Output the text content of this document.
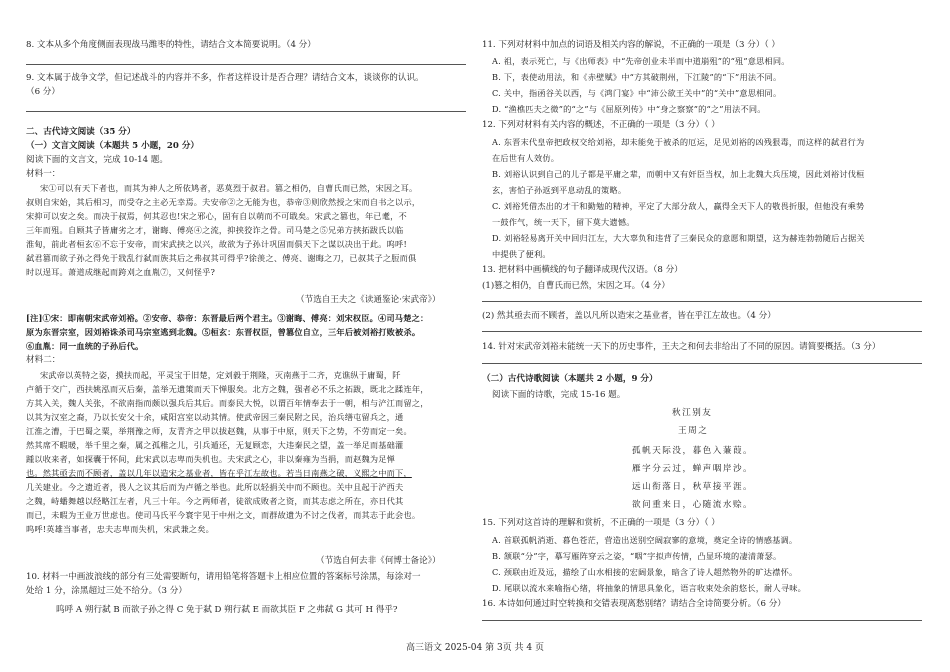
8. 文本从多个角度侧面表现战马潍枣的特性，请结合文本简要说明。（4 分）
9. 文本属于战争文学，但记述战斗的内容并不多，作者这样设计是否合理？请结合文本，谈谈你的认识。
（6 分）
二、古代诗文阅读（35 分）
（一）文言文阅读（本题共 5 小题，20 分）
阅读下面的文言文，完成 10-14 题。
材料一：
宋①可以有天下者也，而其为神人之所依鸠者，恶莫烈于叔君。篡之相仍，自曹氏而已然，宋因之耳。
叔则自宋始，其后相习，而受夺之主必无幸焉。夫安帝②之无能为也，恭帝③则欣然授之宋而自书之以示，
宋抑可以安之矣。而决于叔焉，何其忍也!宋之邪心，固有自以萌而不可戢矣。宋武之篡也，年已耄，不
三年而殂。自顾其子皆庸劣之才，谢晦、傅亮④之流，抑挟狡诈之骨。司马楚之⑤兄弟方挟拓跋氏以临
淮甸，前此者桓玄⑥不忘于安帝，而宋武挟之以兴，故欲为子孙计巩固而俱天下之谋以决出于此。呜呼!
弑君篡而欲子孙之得免于戕乱行弑而族其后之弗叔其可得乎?徐羡之、傅亮、谢晦之刀，已叔其子之脰而俱
时以逞耳。萧道成继起而跨刈之血胤⑦，又何怪乎?
（节选自王夫之《读通鉴论·宋武帝》）
[注]①宋：即南朝宋武帝刘裕。②安帝、恭帝：东晋最后两个君主。③谢晦、傅亮：刘宋权臣。④司马楚之：
原为东晋宗室，因刘裕诛杀司马宗室逃到北魏。⑤桓玄：东晋权臣，曾篡位自立，三年后被刘裕打败被杀。
⑥血胤：同一血统的子孙后代。
材料二：
宋武帝以英特之姿，摸扶而起，平灵宝于旧楚，定刘毅于荆隆，灭南燕于二齐，克谯纵于庸蜀，阡
卢循于交广，西扶姚泓而灭后秦，盖举无遗策而天下惮服矣。北方之魏，强者必不乐之拓跋，既北之蹂连年，
方其入关，魏人关张，不欲南指而颇以强兵后其后。而泰民大悦，以谓百年情奉去于一朝，相与浐江而留之，
以其为汉室之裔，乃以长安父十余，咸阳宫室以动其情。使武帝因三秦民附之民，治兵缮屯留兵之，通
江淮之漕，于巴蜀之粟，举荆豫之师，友青齐之甲以拔赵魏，从事于中原，则天下之势，不劳而定一矣。
然其席不暇暖，举千里之秦，属之孤稚之儿，引兵遁还，无复顾恋，大违秦民之望，盖一举足而基础灌
踵以收来者，如探囊于怀间，此宋武以志卑而失机也。夫宋武之心，非以秦雍为当捐，而赵魏为足惮
也。然其亟去而不顾者，盖以几年以造宋之基业者，皆在乎江左故也。若当日南燕之破，义熙之中而下，
几关建业。今之遗近者，畏人之议其后而为卢循之举也。此所以轻捐关中而不顾也。关中且起于浐西夫
之魏，峙蟠舞越以经略江左者，凡三十年。今之两师者，徒欲成败者之资，而其志虑之所在，亦日代其
而已，未暇为王业万世虑也。使司马氏平今寰宇见于中州之文，而群故遗为不讨之伐者，而其志于此会也。
呜呼!英雄当事者，忠夫志卑而失机，宋武兼之矣。
（节选自何去非《何博士备论》）
10. 材料一中画波浪线的部分有三处需要断句，请用铅笔将答题卡上相应位置的答案标号涂黑，每涂对一
处给 1 分，涂黑超过三处不给分。（3 分）
呜呼 A 朔行弑 B 而欲子孙之得 C 免于弑 D 朔行弑 E 而欲其臣 F 之弗弑 G 其可 H 得乎?
11. 下列对材料中加点的词语及相关内容的解说，不正确的一项是（3 分）（ ）
A. 祖，表示死亡，与《出师表》中“先帝创业未半而中道崩殂”的“殂”意思相同。
B. 下，表使动用法，和《赤壁赋》中“方其破荆州，下江陵”的“下”用法不同。
C. 关中，指函谷关以西，与《鸿门宴》中“沛公欲王关中”的“关中”意思相同。
D. “渔樵匹夫之微”的“之”与《屈原列传》中“身之察察”的“之”用法不同。
12. 下列对材料有关内容的概述，不正确的一项是（3 分）（ ）
A. 东晋末代皇帝把政权交给刘裕，却未能免于被杀的厄运，足见刘裕的凶残狠毒，而这样的弑君行为
在后世有人效仿。
B. 刘裕认识到自己的儿子都是平庸之辈，而朝中又有奸臣当权，加上北魏大兵压境，因此刘裕讨伐桓
玄，害怕子孙返到平息动乱的策略。
C. 刘裕凭借杰出的才干和勤勉的精神，平定了大部分敌人，赢得全天下人的敬畏折服，但他没有乘势
一鼓作气，统一天下，留下莫大遗憾。
D. 刘裕轻易离开关中回归江左，大大辜负和违背了三秦民众的意愿和期望，这为赫连勃勃随后占据关
中提供了便利。
13. 把材料中画横线的句子翻译成现代汉语。（8 分）
(1)篡之相仍，自曹氏而已然，宋因之耳。（4 分）
(2) 然其亟去而不顾者，盖以凡所以造宋之基业者，皆在乎江左故也。（4 分）
14. 针对宋武帝刘裕未能统一天下的历史事件，王夫之和何去非给出了不同的原因。请简要概括。（3 分）
（二）古代诗歌阅读（本题共 2 小题，9 分）
阅读下面的诗歌，完成 15-16 题。
秋江别友
王周之
孤帆天际没，暮色入蒹葭。
雁字分云过，蝉声咽岸沙。
远山衔落日，秋草接平涯。
欲问重来日，心随流水赊。
15. 下列对这首诗的理解和赏析，不正确的一项是（3 分）（ ）
A. 首联孤帆消逝、暮色苍茫，营造出送别空阔寂寥的意境，奠定全诗的情感基调。
B. 颔联“分”字，摹写雁阵穿云之姿，“咽”字拟声传情，凸显环境的凄清萧瑟。
C. 颈联由近及远，描绘了山水相接的宏阔景象，暗含了诗人超然物外的旷达襟怀。
D. 尾联以流水来喻指心绪，将抽象的情思具象化，语言收束处余韵悠长，耐人寻味。
16. 本诗如何通过时空转换和交错表现离愁别绪？请结合全诗简要分析。（6 分）
高三语文 2025-04 第 3页 共 4 页
